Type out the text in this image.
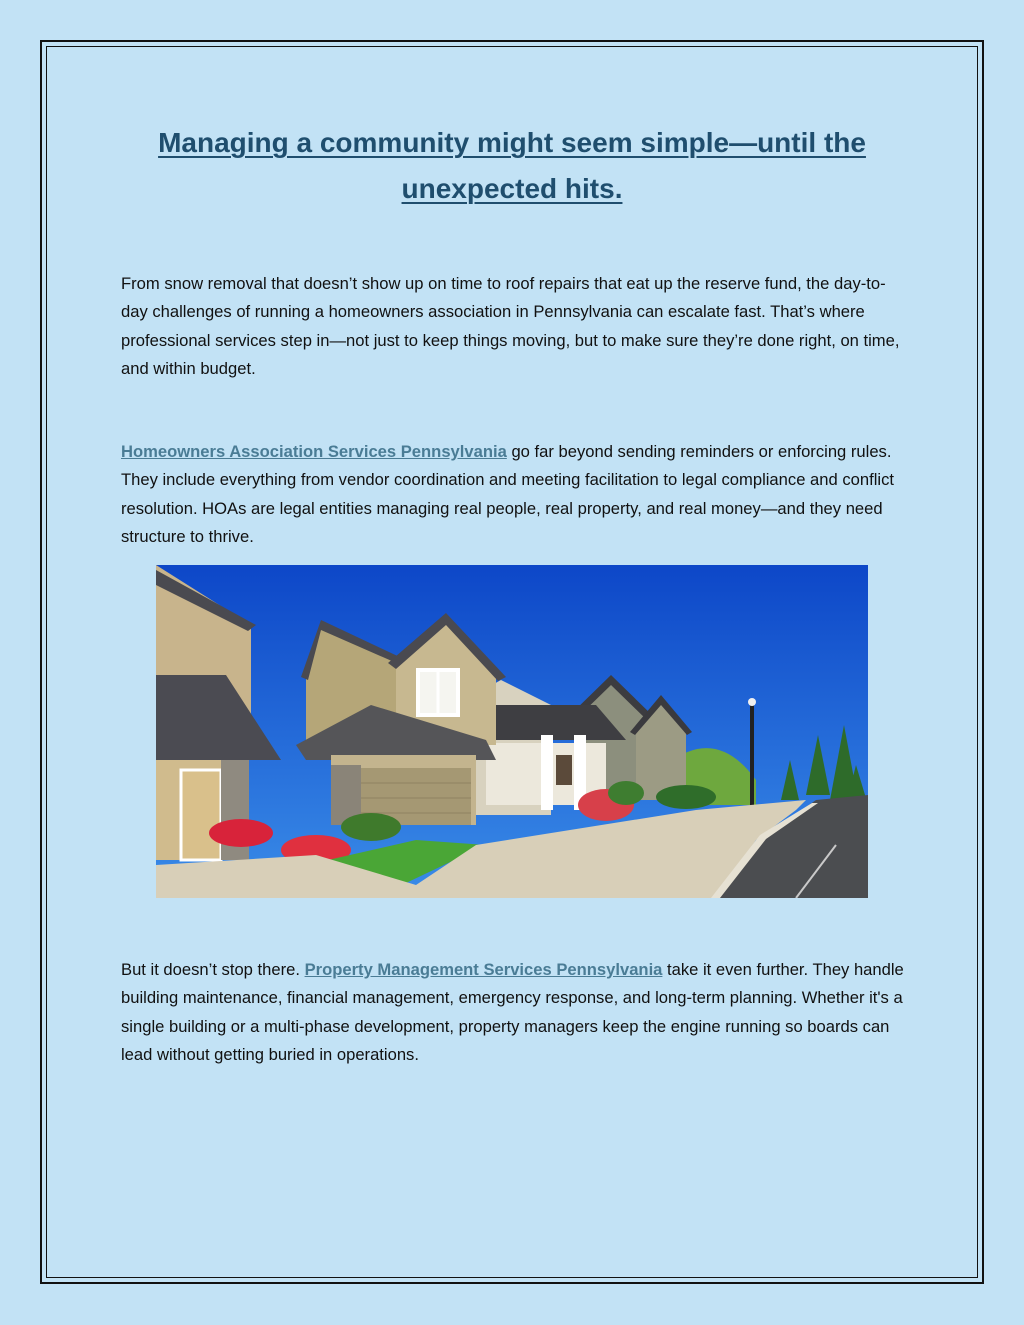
Managing a community might seem simple—until the
unexpected hits.

From snow removal that doesn’t show up on time to roof repairs that eat up the reserve fund, the day-to-day challenges of running a homeowners association in Pennsylvania can escalate fast. That’s where professional services step in—not just to keep things moving, but to make sure they’re done right, on time, and within budget.

Homeowners Association Services Pennsylvania go far beyond sending reminders or enforcing rules. They include everything from vendor coordination and meeting facilitation to legal compliance and conflict resolution. HOAs are legal entities managing real people, real property, and real money—and they need structure to thrive.

But it doesn’t stop there. Property Management Services Pennsylvania take it even further. They handle building maintenance, financial management, emergency response, and long-term planning. Whether it's a single building or a multi-phase development, property managers keep the engine running so boards can lead without getting buried in operations.
